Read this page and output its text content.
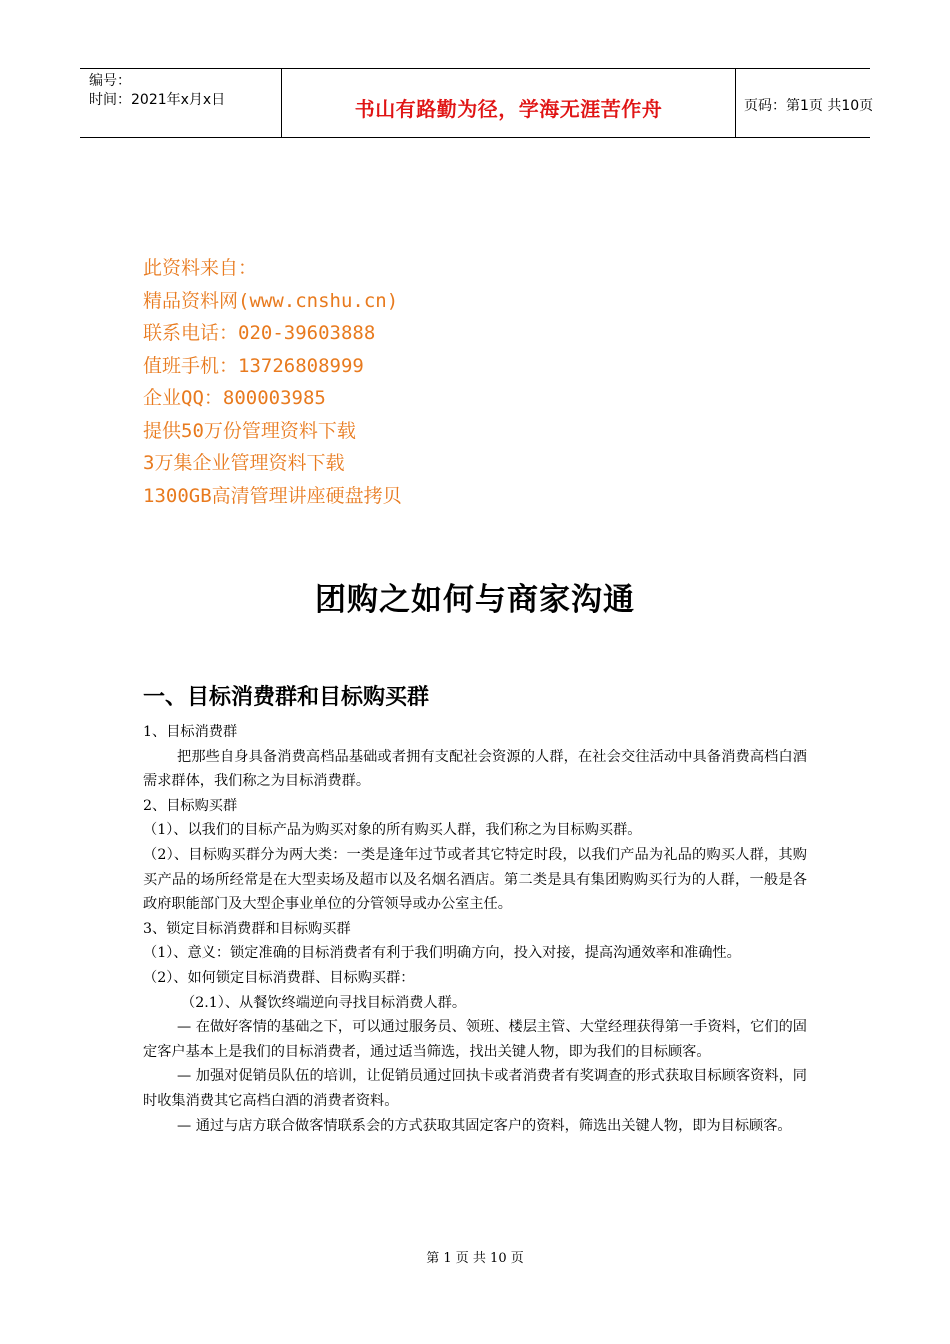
编号：
时间：2021年x月x日	书山有路勤为径，学海无涯苦作舟	页码：第1页 共10页
此资料来自：
精品资料网(www.cnshu.cn)
联系电话：020-39603888
值班手机：13726808999
企业QQ：800003985
提供50万份管理资料下载
3万集企业管理资料下载
1300GB高清管理讲座硬盘拷贝
团购之如何与商家沟通
一、目标消费群和目标购买群

1、目标消费群

把那些自身具备消费高档品基础或者拥有支配社会资源的人群，在社会交往活动中具备消费高档白酒需求群体，我们称之为目标消费群。

2、目标购买群

（1）、以我们的目标产品为购买对象的所有购买人群，我们称之为目标购买群。

（2）、目标购买群分为两大类：一类是逢年过节或者其它特定时段，以我们产品为礼品的购买人群，其购买产品的场所经常是在大型卖场及超市以及名烟名酒店。第二类是具有集团购购买行为的人群，一般是各政府职能部门及大型企事业单位的分管领导或办公室主任。

3、锁定目标消费群和目标购买群

（1）、意义：锁定准确的目标消费者有利于我们明确方向，投入对接，提高沟通效率和准确性。

（2）、如何锁定目标消费群、目标购买群：

（2.1）、从餐饮终端逆向寻找目标消费人群。

— 在做好客情的基础之下，可以通过服务员、领班、楼层主管、大堂经理获得第一手资料，它们的固定客户基本上是我们的目标消费者，通过适当筛选，找出关键人物，即为我们的目标顾客。

— 加强对促销员队伍的培训，让促销员通过回执卡或者消费者有奖调查的形式获取目标顾客资料，同时收集消费其它高档白酒的消费者资料。

— 通过与店方联合做客情联系会的方式获取其固定客户的资料，筛选出关键人物，即为目标顾客。

第 1 页 共 10 页
